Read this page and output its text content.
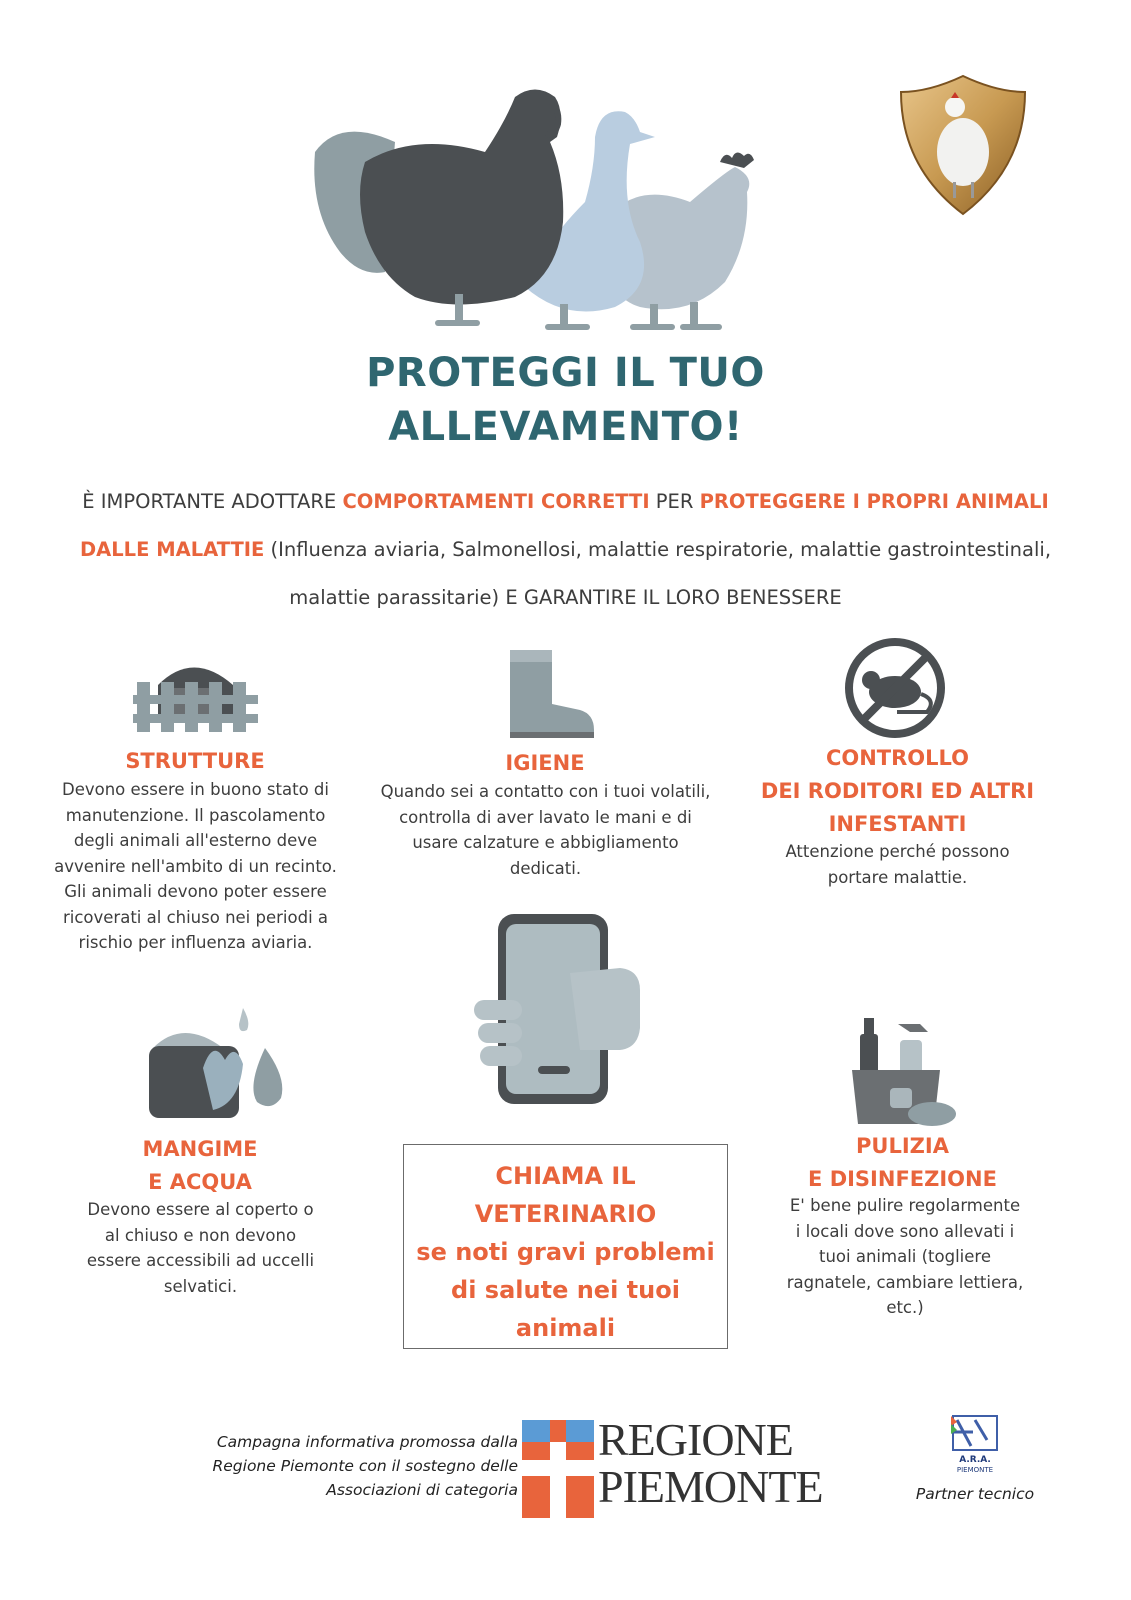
PROTEGGI IL TUO
ALLEVAMENTO!
È IMPORTANTE ADOTTARE COMPORTAMENTI CORRETTI PER PROTEGGERE I PROPRI ANIMALI DALLE MALATTIE (Influenza aviaria, Salmonellosi, malattie respiratorie, malattie gastrointestinali, malattie parassitarie) E GARANTIRE IL LORO BENESSERE
STRUTTURE
Devono essere in buono stato di manutenzione. Il pascolamento degli animali all'esterno deve avvenire nell'ambito di un recinto. Gli animali devono poter essere ricoverati al chiuso nei periodi a rischio per influenza aviaria.
IGIENE
Quando sei a contatto con i tuoi volatili, controlla di aver lavato le mani e di usare calzature e abbigliamento dedicati.
CONTROLLO
DEI RODITORI ED ALTRI
INFESTANTI
Attenzione perché possono portare malattie.
MANGIME
E ACQUA
Devono essere al coperto o al chiuso e non devono essere accessibili ad uccelli selvatici.
CHIAMA IL
VETERINARIO
se noti gravi problemi
di salute nei tuoi
animali
PULIZIA
E DISINFEZIONE
E' bene pulire regolarmente i locali dove sono allevati i tuoi animali (togliere ragnatele, cambiare lettiera, etc.)
Campagna informativa promossa dalla
Regione Piemonte con il sostegno delle
Associazioni di categoria
REGIONE
PIEMONTE
A.R.A.
PIEMONTE
Partner tecnico
